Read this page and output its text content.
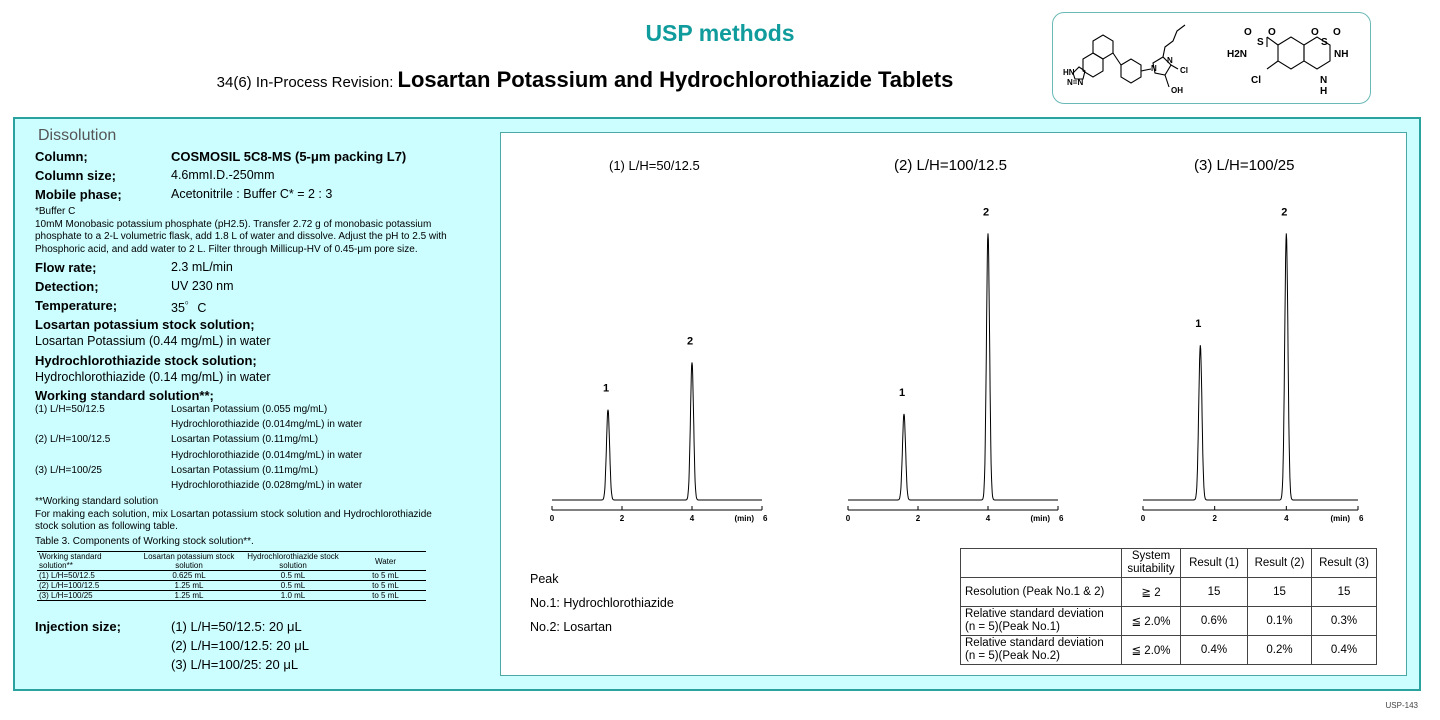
USP methods
34(6) In-Process Revision: Losartan Potassium and Hydrochlorothiazide Tablets	HN
N=N
Cl
OH
N
N
O O
S
H2N
O O
S
NH
Cl	N
H
Dissolution
Column;	COSMOSIL 5C8-MS (5-μm packing L7)
Column size;	4.6mmI.D.-250mm
Mobile phase;	Acetonitrile : Buffer C* = 2 : 3
*Buffer C
10mM Monobasic potassium phosphate (pH2.5). Transfer 2.72 g of monobasic potassium
phosphate to a 2-L volumetric flask, add 1.8 L of water and dissolve. Adjust the pH to 2.5 with
Phosphoric acid, and add water to 2 L. Filter through Millicup-HV of 0.45-μm pore size.
Flow rate;	2.3 mL/min
Detection;	UV 230 nm
Temperature;	35゜C
Losartan potassium stock solution;
Losartan Potassium (0.44 mg/mL) in water
Hydrochlorothiazide stock solution;
Hydrochlorothiazide (0.14 mg/mL) in water
Working standard solution**;
(1) L/H=50/12.5	Losartan Potassium (0.055 mg/mL)
Hydrochlorothiazide (0.014mg/mL) in water
(2) L/H=100/12.5	Losartan Potassium (0.11mg/mL)
Hydrochlorothiazide (0.014mg/mL) in water
(3) L/H=100/25	Losartan Potassium (0.11mg/mL)
Hydrochlorothiazide (0.028mg/mL) in water
**Working standard solution
For making each solution, mix Losartan potassium stock solution and Hydrochlorothiazide
stock solution as following table.
Table 3. Components of Working stock solution**.
Working standard solution**	Losartan potassium stock solution	Hydrochlorothiazide stock solution	Water
(1) L/H=50/12.5	0.625 mL	0.5 mL	to 5 mL
(2) L/H=100/12.5	1.25 mL	0.5 mL	to 5 mL
(3) L/H=100/25	1.25 mL	1.0 mL	to 5 mL
Injection size;	(1) L/H=50/12.5: 20 μL
(2) L/H=100/12.5: 20 μL
(3) L/H=100/25: 20 μL
(1) L/H=50/12.5	(2) L/H=100/12.5	(3) L/H=100/25
0	2	4	6
(min)
1
2
0	2	4	6
(min)
1
2
0	2	4	6
(min)
1
2
Peak
No.1: Hydrochlorothiazide
No.2: Losartan
	System suitability	Result (1)	Result (2)	Result (3)
Resolution (Peak No.1 & 2)	≧ 2	15	15	15
Relative standard deviation (n = 5)(Peak No.1)	≦ 2.0%	0.6%	0.1%	0.3%
Relative standard deviation (n = 5)(Peak No.2)	≦ 2.0%	0.4%	0.2%	0.4%
USP-143
